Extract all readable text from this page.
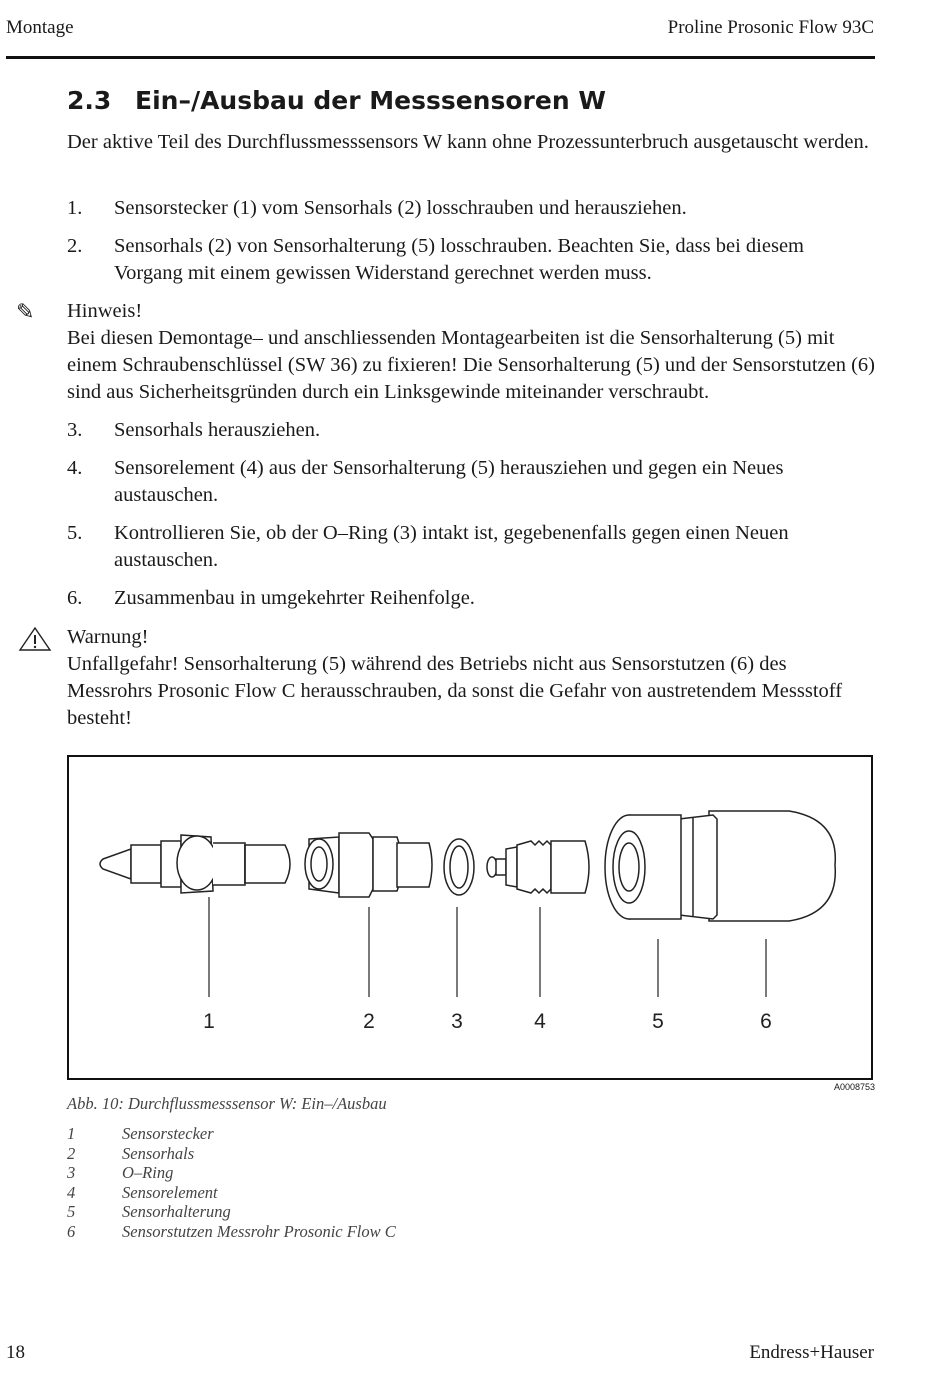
Montage	Proline Prosonic Flow 93C
2.3 Ein–/Ausbau der Messsensoren W

Der aktive Teil des Durchflussmesssensors W kann ohne Prozessunterbruch ausgetauscht werden.

1.	Sensorstecker (1) vom Sensorhals (2) losschrauben und herausziehen.
2.	Sensorhals (2) von Sensorhalterung (5) losschrauben. Beachten Sie, dass bei diesem Vorgang mit einem gewissen Widerstand gerechnet werden muss.
✎ Hinweis!

Bei diesen Demontage– und anschliessenden Montagearbeiten ist die Sensorhalterung (5) mit einem Schraubenschlüssel (SW 36) zu fixieren! Die Sensorhalterung (5) und der Sensorstutzen (6) sind aus Sicherheitsgründen durch ein Linksgewinde miteinander verschraubt.

3.	Sensorhals herausziehen.
4.	Sensorelement (4) aus der Sensorhalterung (5) herausziehen und gegen ein Neues austauschen.
5.	Kontrollieren Sie, ob der O–Ring (3) intakt ist, gegebenenfalls gegen einen Neuen austauschen.
6.	Zusammenbau in umgekehrter Reihenfolge.

Warnung!

Unfallgefahr! Sensorhalterung (5) während des Betriebs nicht aus Sensorstutzen (6) des Messrohrs Prosonic Flow C herausschrauben, da sonst die Gefahr von austretendem Messstoff besteht!

1	2	3	4	5	6
A0008753
Abb. 10: Durchflussmesssensor W: Ein–/Ausbau
1	Sensorstecker
2	Sensorhals
3	O–Ring
4	Sensorelement
5	Sensorhalterung
6	Sensorstutzen Messrohr Prosonic Flow C
18	Endress+Hauser
